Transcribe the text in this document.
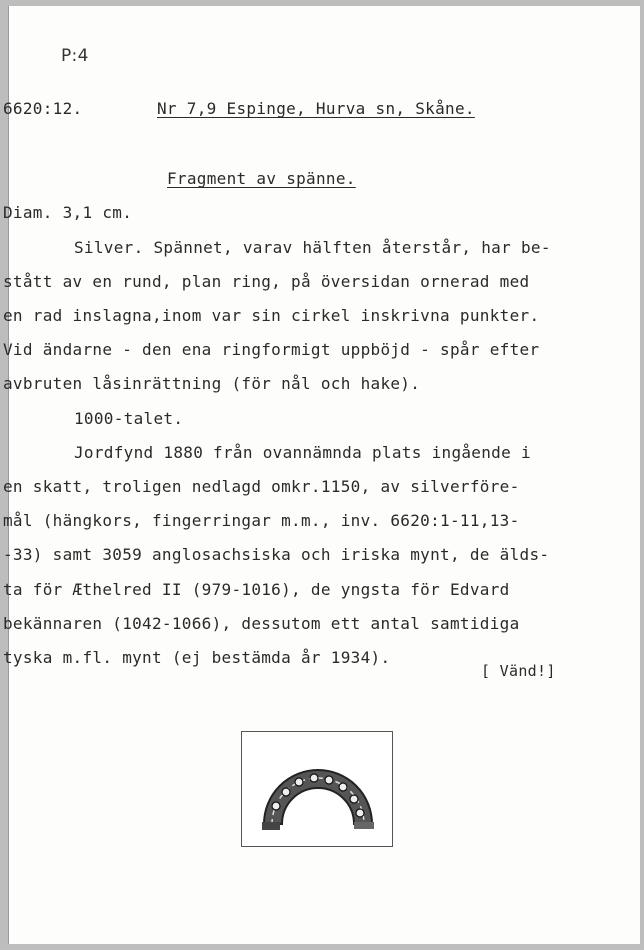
P:4
6620:12.	Nr 7,9 Espinge, Hurva sn, Skåne.
Fragment av spänne.
Diam. 3,1 cm.
Silver. Spännet, varav hälften återstår, har be-
stått av en rund, plan ring, på översidan ornerad med
en rad inslagna,inom var sin cirkel inskrivna punkter.
Vid ändarne - den ena ringformigt uppböjd - spår efter
avbruten låsinrättning (för nål och hake).
1000-talet.
Jordfynd 1880 från ovannämnda plats ingående i
en skatt, troligen nedlagd omkr.1150, av silverföre-
mål (hängkors, fingerringar m.m., inv. 6620:1-11,13-
-33) samt 3059 anglosachsiska och iriska mynt, de älds-
ta för Æthelred II (979-1016), de yngsta för Edvard
bekännaren (1042-1066), dessutom ett antal samtidiga
tyska m.fl. mynt (ej bestämda år 1934).
[ Vänd!]
